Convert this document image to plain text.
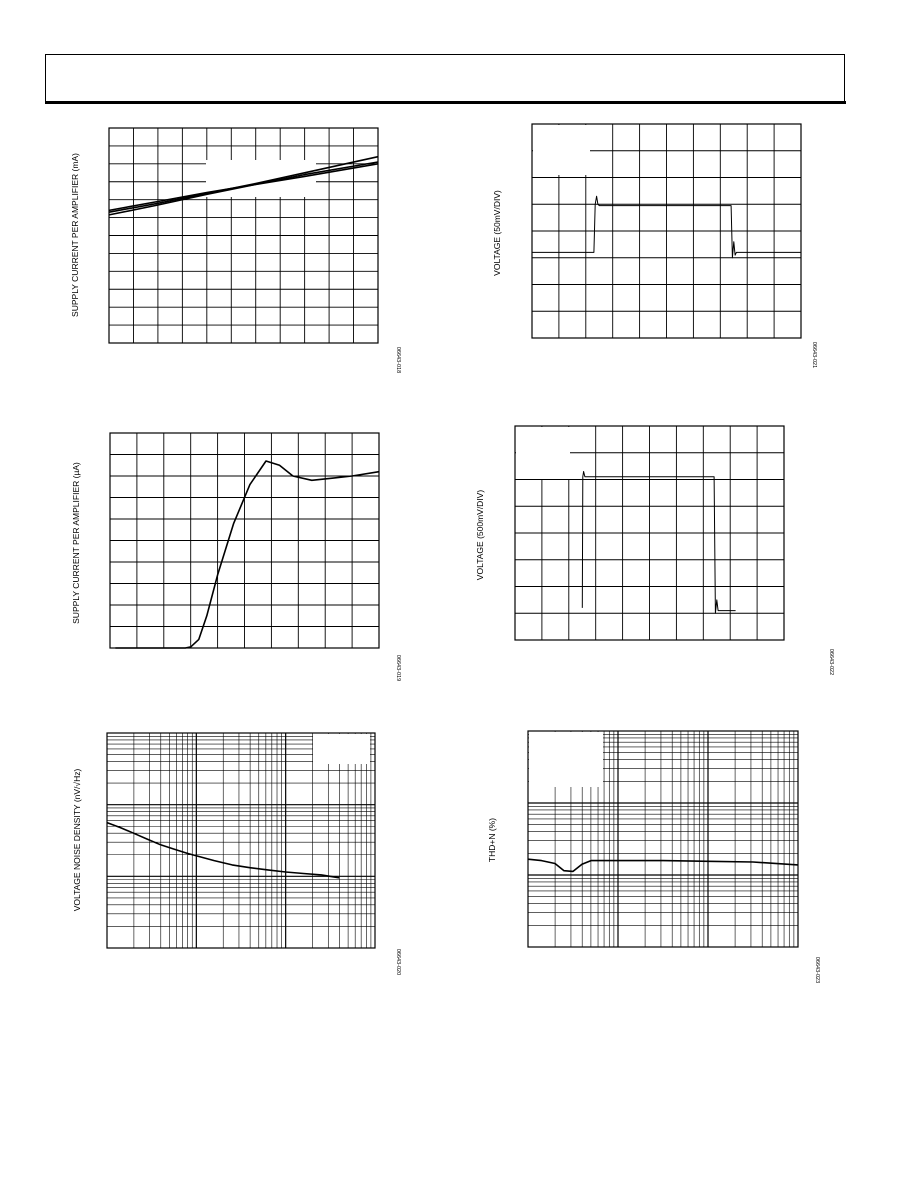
SUPPLY CURRENT PER AMPLIFIER (mA)
06643-018
SUPPLY CURRENT PER AMPLIFIER (µA)
06643-019
VOLTAGE NOISE DENSITY (nV/√Hz)
06643-020
VOLTAGE (50mV/DIV)
06643-021
VOLTAGE (500mV/DIV)
06643-022
THD+N (%)
06643-023
